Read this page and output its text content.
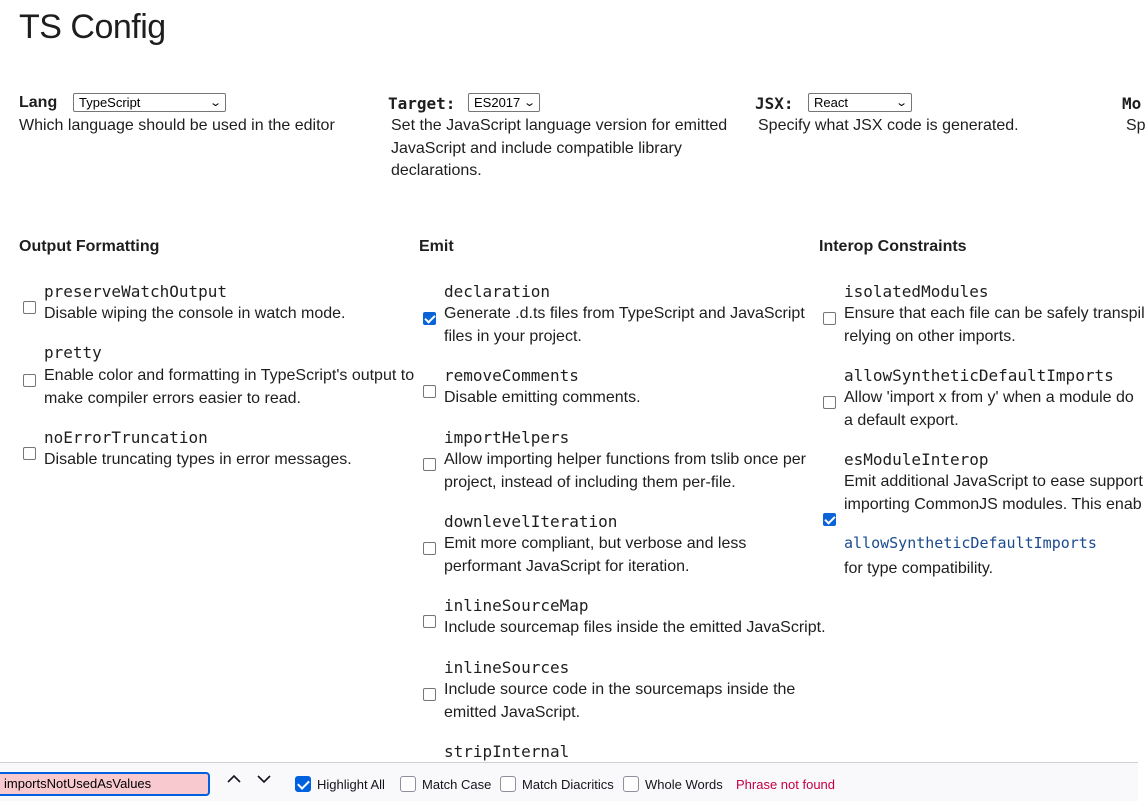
TS Config
Lang	TypeScript	⌄
Which language should be used in the editor
Target:	ES2017 ⌄
Set the JavaScript language version for emitted
JavaScript and include compatible library
declarations.
JSX:	React	⌄
Specify what JSX code is generated.
Mo
Sp
Output Formatting	Emit	Interop Constraints
preserveWatchOutput
Disable wiping the console in watch mode.
pretty
Enable color and formatting in TypeScript's output to
make compiler errors easier to read.
noErrorTruncation
Disable truncating types in error messages.
declaration
Generate .d.ts files from TypeScript and JavaScript
files in your project.
removeComments
Disable emitting comments.
importHelpers
Allow importing helper functions from tslib once per
project, instead of including them per-file.
downlevelIteration
Emit more compliant, but verbose and less
performant JavaScript for iteration.
inlineSourceMap
Include sourcemap files inside the emitted JavaScript.
inlineSources
Include source code in the sourcemaps inside the
emitted JavaScript.
stripInternal
isolatedModules
Ensure that each file can be safely transpil
relying on other imports.
allowSyntheticDefaultImports
Allow 'import x from y' when a module do
a default export.
esModuleInterop
Emit additional JavaScript to ease support
importing CommonJS modules. This enab
allowSyntheticDefaultImports
for type compatibility.
importsNotUsedAsValues	Highlight All	Match Case Match Diacritics Whole Words Phrase not found
